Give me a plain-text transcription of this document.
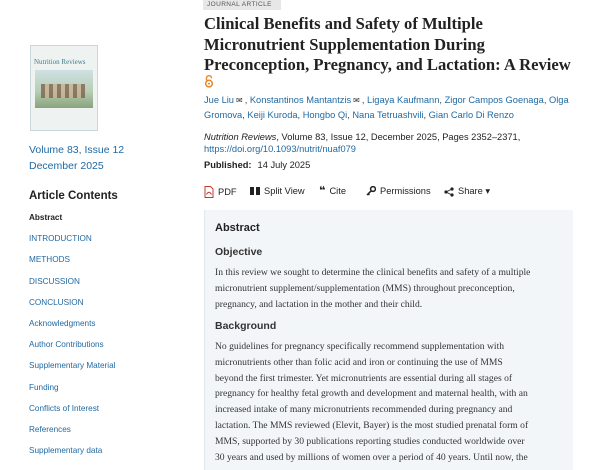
Nutrition Reviews
Volume 83, Issue 12
December 2025
Article Contents
Abstract
INTRODUCTION
METHODS
DISCUSSION
CONCLUSION
Acknowledgments
Author Contributions
Supplementary Material
Funding
Conflicts of Interest
References
Supplementary data
JOURNAL ARTICLE
Clinical Benefits and Safety of Multiple
Micronutrient Supplementation During
Preconception, Pregnancy, and Lactation: A Review
Jue Liu ✉ , Konstantinos Mantantzis ✉ , Ligaya Kaufmann, Zigor Campos Goenaga, Olga
Gromova, Keiji Kuroda, Hongbo Qi, Nana Tetruashvili, Gian Carlo Di Renzo
Nutrition Reviews, Volume 83, Issue 12, December 2025, Pages 2352–2371,
https://doi.org/10.1093/nutrit/nuaf079
Published: 14 July 2025
PDF	Split View ❝ Cite	Permissions	Share ▾
Abstract
Objective
In this review we sought to determine the clinical benefits and safety of a multiple
micronutrient supplement/supplementation (MMS) throughout preconception,
pregnancy, and lactation in the mother and their child.
Background
No guidelines for pregnancy specifically recommend supplementation with
micronutrients other than folic acid and iron or continuing the use of MMS
beyond the first trimester. Yet micronutrients are essential during all stages of
pregnancy for healthy fetal growth and development and maternal health, with an
increased intake of many micronutrients recommended during pregnancy and
lactation. The MMS reviewed (Elevit, Bayer) is the most studied prenatal form of
MMS, supported by 30 publications reporting studies conducted worldwide over
30 years and used by millions of women over a period of 40 years. Until now, the
